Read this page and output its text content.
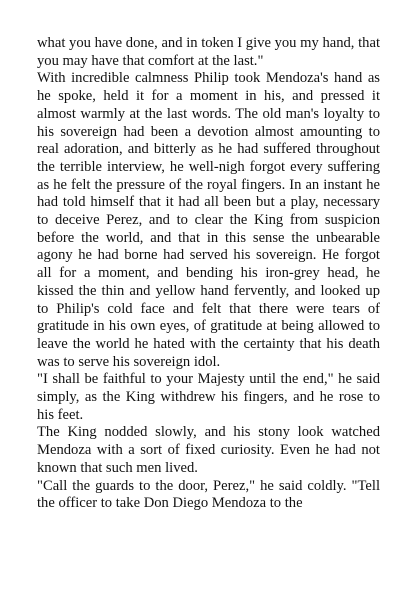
what you have done, and in token I give you my hand, that you may have that comfort at the last."

With incredible calmness Philip took Mendoza's hand as he spoke, held it for a moment in his, and pressed it almost warmly at the last words. The old man's loyalty to his sovereign had been a devotion almost amounting to real adoration, and bitterly as he had suffered throughout the terrible interview, he well-nigh forgot every suffering as he felt the pressure of the royal fingers. In an instant he had told himself that it had all been but a play, necessary to deceive Perez, and to clear the King from suspicion before the world, and that in this sense the unbearable agony he had borne had served his sovereign. He forgot all for a moment, and bending his iron-grey head, he kissed the thin and yellow hand fervently, and looked up to Philip's cold face and felt that there were tears of gratitude in his own eyes, of gratitude at being allowed to leave the world he hated with the certainty that his death was to serve his sovereign idol.

"I shall be faithful to your Majesty until the end," he said simply, as the King withdrew his fingers, and he rose to his feet.

The King nodded slowly, and his stony look watched Mendoza with a sort of fixed curiosity. Even he had not known that such men lived.

"Call the guards to the door, Perez," he said coldly. "Tell the officer to take Don Diego Mendoza to the
